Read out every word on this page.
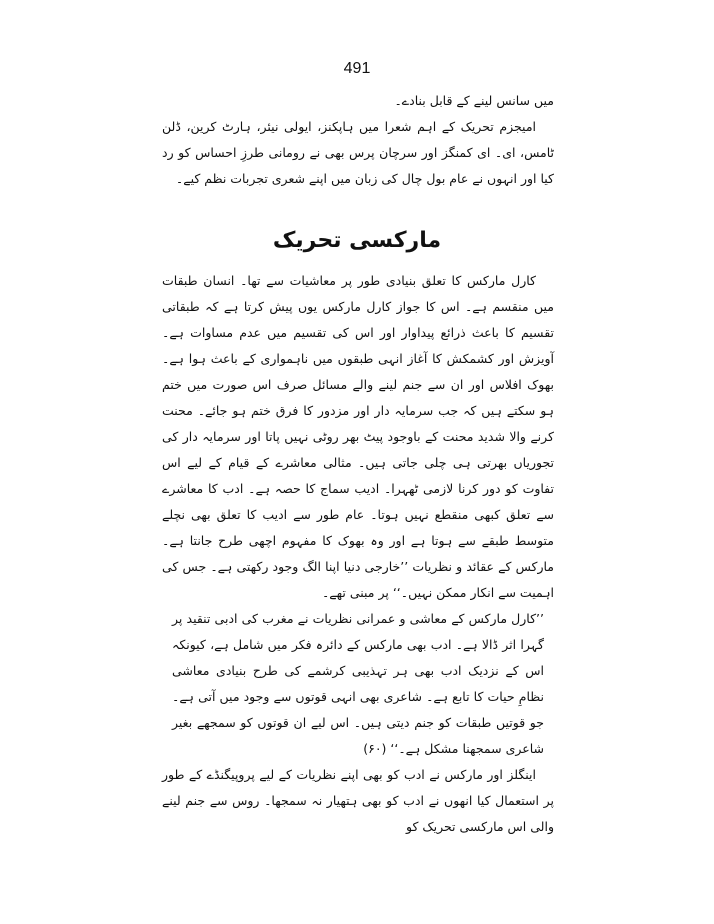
491

میں سانس لینے کے قابل بنادے۔

امیجزم تحریک کے اہم شعرا میں ہاپکنز، ایولی نیئر، ہارٹ کرین، ڈلن ٹامس، ای۔ ای کمنگز اور سرچان پرس بھی نے رومانی طرزِ احساس کو رد کیا اور انہوں نے عام بول چال کی زبان میں اپنے شعری تجربات نظم کیے۔

مارکسی تحریک

کارل مارکس کا تعلق بنیادی طور پر معاشیات سے تھا۔ انسان طبقات میں منقسم ہے۔ اس کا جواز کارل مارکس یوں پیش کرتا ہے کہ طبقاتی تقسیم کا باعث ذرائع پیداوار اور اس کی تقسیم میں عدم مساوات ہے۔ آویزش اور کشمکش کا آغاز انہی طبقوں میں ناہمواری کے باعث ہوا ہے۔ بھوک افلاس اور ان سے جنم لینے والے مسائل صرف اس صورت میں ختم ہو سکتے ہیں کہ جب سرمایہ دار اور مزدور کا فرق ختم ہو جائے۔ محنت کرنے والا شدید محنت کے باوجود پیٹ بھر روٹی نہیں پاتا اور سرمایہ دار کی تجوریاں بھرتی ہی چلی جاتی ہیں۔ مثالی معاشرے کے قیام کے لیے اس تفاوت کو دور کرنا لازمی ٹھہرا۔ ادیب سماج کا حصہ ہے۔ ادب کا معاشرے سے تعلق کبھی منقطع نہیں ہوتا۔ عام طور سے ادیب کا تعلق بھی نچلے متوسط طبقے سے ہوتا ہے اور وہ بھوک کا مفہوم اچھی طرح جانتا ہے۔ مارکس کے عقائد و نظریات ’’خارجی دنیا اپنا الگ وجود رکھتی ہے۔ جس کی اہمیت سے انکار ممکن نہیں۔‘‘ پر مبنی تھے۔

’’کارل مارکس کے معاشی و عمرانی نظریات نے مغرب کی ادبی تنقید پر گہرا اثر ڈالا ہے۔ ادب بھی مارکس کے دائرہ فکر میں شامل ہے، کیونکہ اس کے نزدیک ادب بھی ہر تہذیبی کرشمے کی طرح بنیادی معاشی نظامِ حیات کا تابع ہے۔ شاعری بھی انہی قوتوں سے وجود میں آتی ہے۔ جو قوتیں طبقات کو جنم دیتی ہیں۔ اس لیے ان قوتوں کو سمجھے بغیر شاعری سمجھنا مشکل ہے۔‘‘ (۶۰)

اینگلز اور مارکس نے ادب کو بھی اپنے نظریات کے لیے پروپیگنڈے کے طور پر استعمال کیا انھوں نے ادب کو بھی ہتھیار نہ سمجھا۔ روس سے جنم لینے والی اس مارکسی تحریک کو
